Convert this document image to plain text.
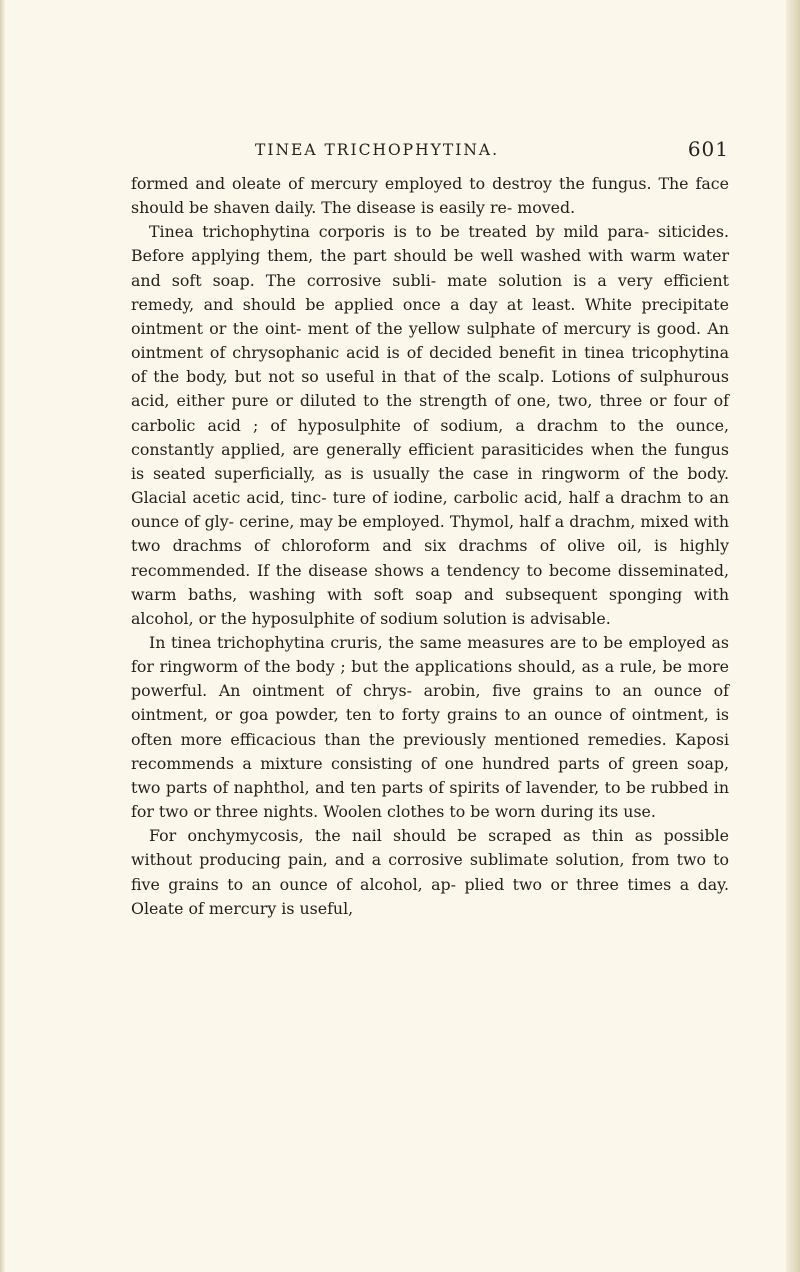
TINEA TRICHOPHYTINA.	601

formed and oleate of mercury employed to destroy the fungus. The face should be shaven daily. The disease is easily re- moved.

Tinea trichophytina corporis is to be treated by mild para- siticides. Before applying them, the part should be well washed with warm water and soft soap. The corrosive subli- mate solution is a very efficient remedy, and should be applied once a day at least. White precipitate ointment or the oint- ment of the yellow sulphate of mercury is good. An ointment of chrysophanic acid is of decided benefit in tinea tricophytina of the body, but not so useful in that of the scalp. Lotions of sulphurous acid, either pure or diluted to the strength of one, two, three or four of carbolic acid ; of hyposulphite of sodium, a drachm to the ounce, constantly applied, are generally efficient parasiticides when the fungus is seated superficially, as is usually the case in ringworm of the body. Glacial acetic acid, tinc- ture of iodine, carbolic acid, half a drachm to an ounce of gly- cerine, may be employed. Thymol, half a drachm, mixed with two drachms of chloroform and six drachms of olive oil, is highly recommended. If the disease shows a tendency to become disseminated, warm baths, washing with soft soap and subsequent sponging with alcohol, or the hyposulphite of sodium solution is advisable.

In tinea trichophytina cruris, the same measures are to be employed as for ringworm of the body ; but the applications should, as a rule, be more powerful. An ointment of chrys- arobin, five grains to an ounce of ointment, or goa powder, ten to forty grains to an ounce of ointment, is often more efficacious than the previously mentioned remedies. Kaposi recommends a mixture consisting of one hundred parts of green soap, two parts of naphthol, and ten parts of spirits of lavender, to be rubbed in for two or three nights. Woolen clothes to be worn during its use.

For onchymycosis, the nail should be scraped as thin as possible without producing pain, and a corrosive sublimate solution, from two to five grains to an ounce of alcohol, ap- plied two or three times a day. Oleate of mercury is useful,
